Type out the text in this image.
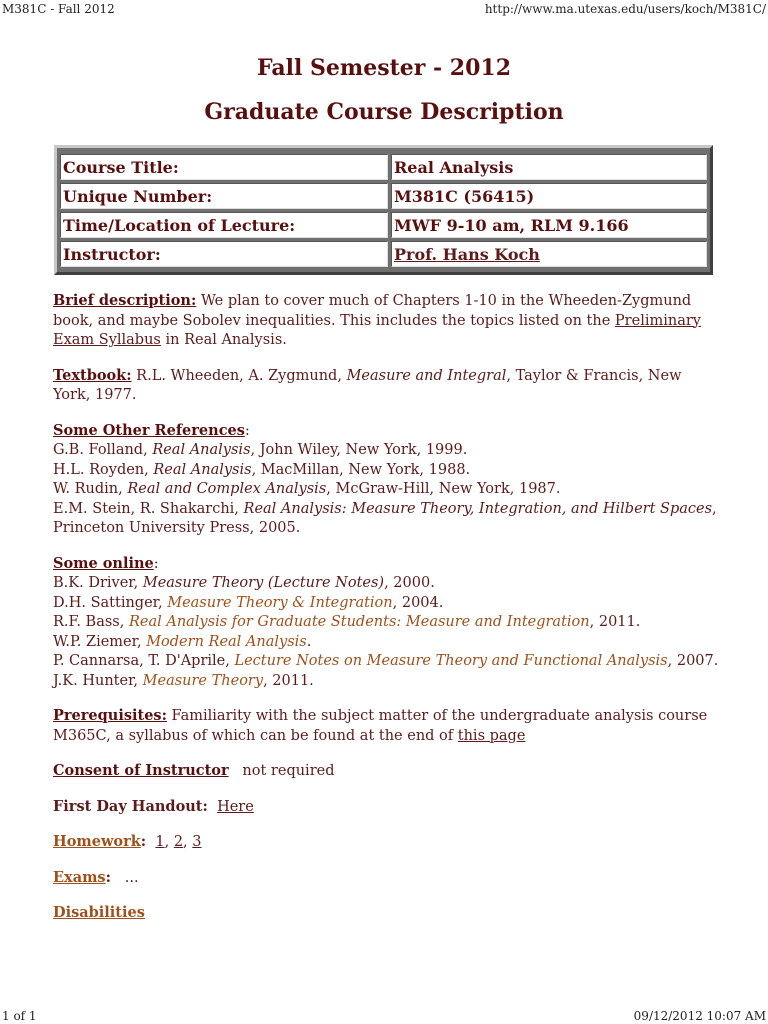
M381C - Fall 2012	http://www.ma.utexas.edu/users/koch/M381C/
Fall Semester - 2012
Graduate Course Description
Course Title:	Real Analysis
Unique Number:	M381C (56415)
Time/Location of Lecture:	MWF 9-10 am, RLM 9.166
Instructor:	Prof. Hans Koch

Brief description: We plan to cover much of Chapters 1-10 in the Wheeden-Zygmund book, and maybe Sobolev inequalities. This includes the topics listed on the Preliminary Exam Syllabus in Real Analysis.

Textbook: R.L. Wheeden, A. Zygmund, Measure and Integral, Taylor & Francis, New York, 1977.

Some Other References:
G.B. Folland, Real Analysis, John Wiley, New York, 1999.
H.L. Royden, Real Analysis, MacMillan, New York, 1988.
W. Rudin, Real and Complex Analysis, McGraw-Hill, New York, 1987.
E.M. Stein, R. Shakarchi, Real Analysis: Measure Theory, Integration, and Hilbert Spaces, Princeton University Press, 2005.

Some online:
B.K. Driver, Measure Theory (Lecture Notes), 2000.
D.H. Sattinger, Measure Theory & Integration, 2004.
R.F. Bass, Real Analysis for Graduate Students: Measure and Integration, 2011.
W.P. Ziemer, Modern Real Analysis.
P. Cannarsa, T. D'Aprile, Lecture Notes on Measure Theory and Functional Analysis, 2007.
J.K. Hunter, Measure Theory, 2011.

Prerequisites: Familiarity with the subject matter of the undergraduate analysis course M365C, a syllabus of which can be found at the end of this page

Consent of Instructor   not required

First Day Handout: Here

Homework: 1, 2, 3

Exams:   ...

Disabilities

1 of 1	09/12/2012 10:07 AM
